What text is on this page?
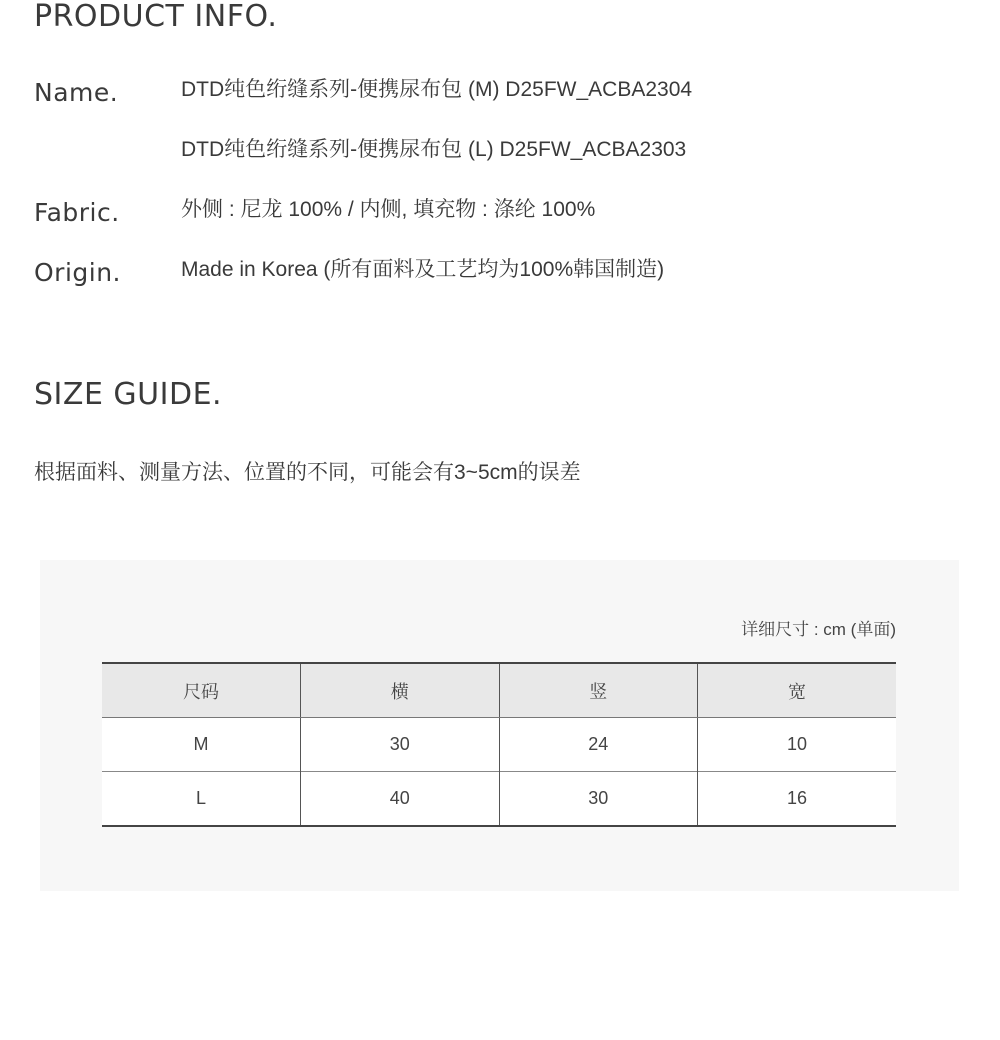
PRODUCT INFO.
Name.	DTD纯色绗缝系列-便携尿布包 (M) D25FW_ACBA2304
DTD纯色绗缝系列-便携尿布包 (L) D25FW_ACBA2303
Fabric.	外侧 : 尼龙 100% / 内侧, 填充物 : 涤纶 100%
Origin.	Made in Korea (所有面料及工艺均为100%韩国制造)
SIZE GUIDE.
根据面料、测量方法、位置的不同，可能会有3~5cm的误差
详细尺寸 : cm (单面)
尺码	横	竖	宽
M	30	24	10
L	40	30	16
